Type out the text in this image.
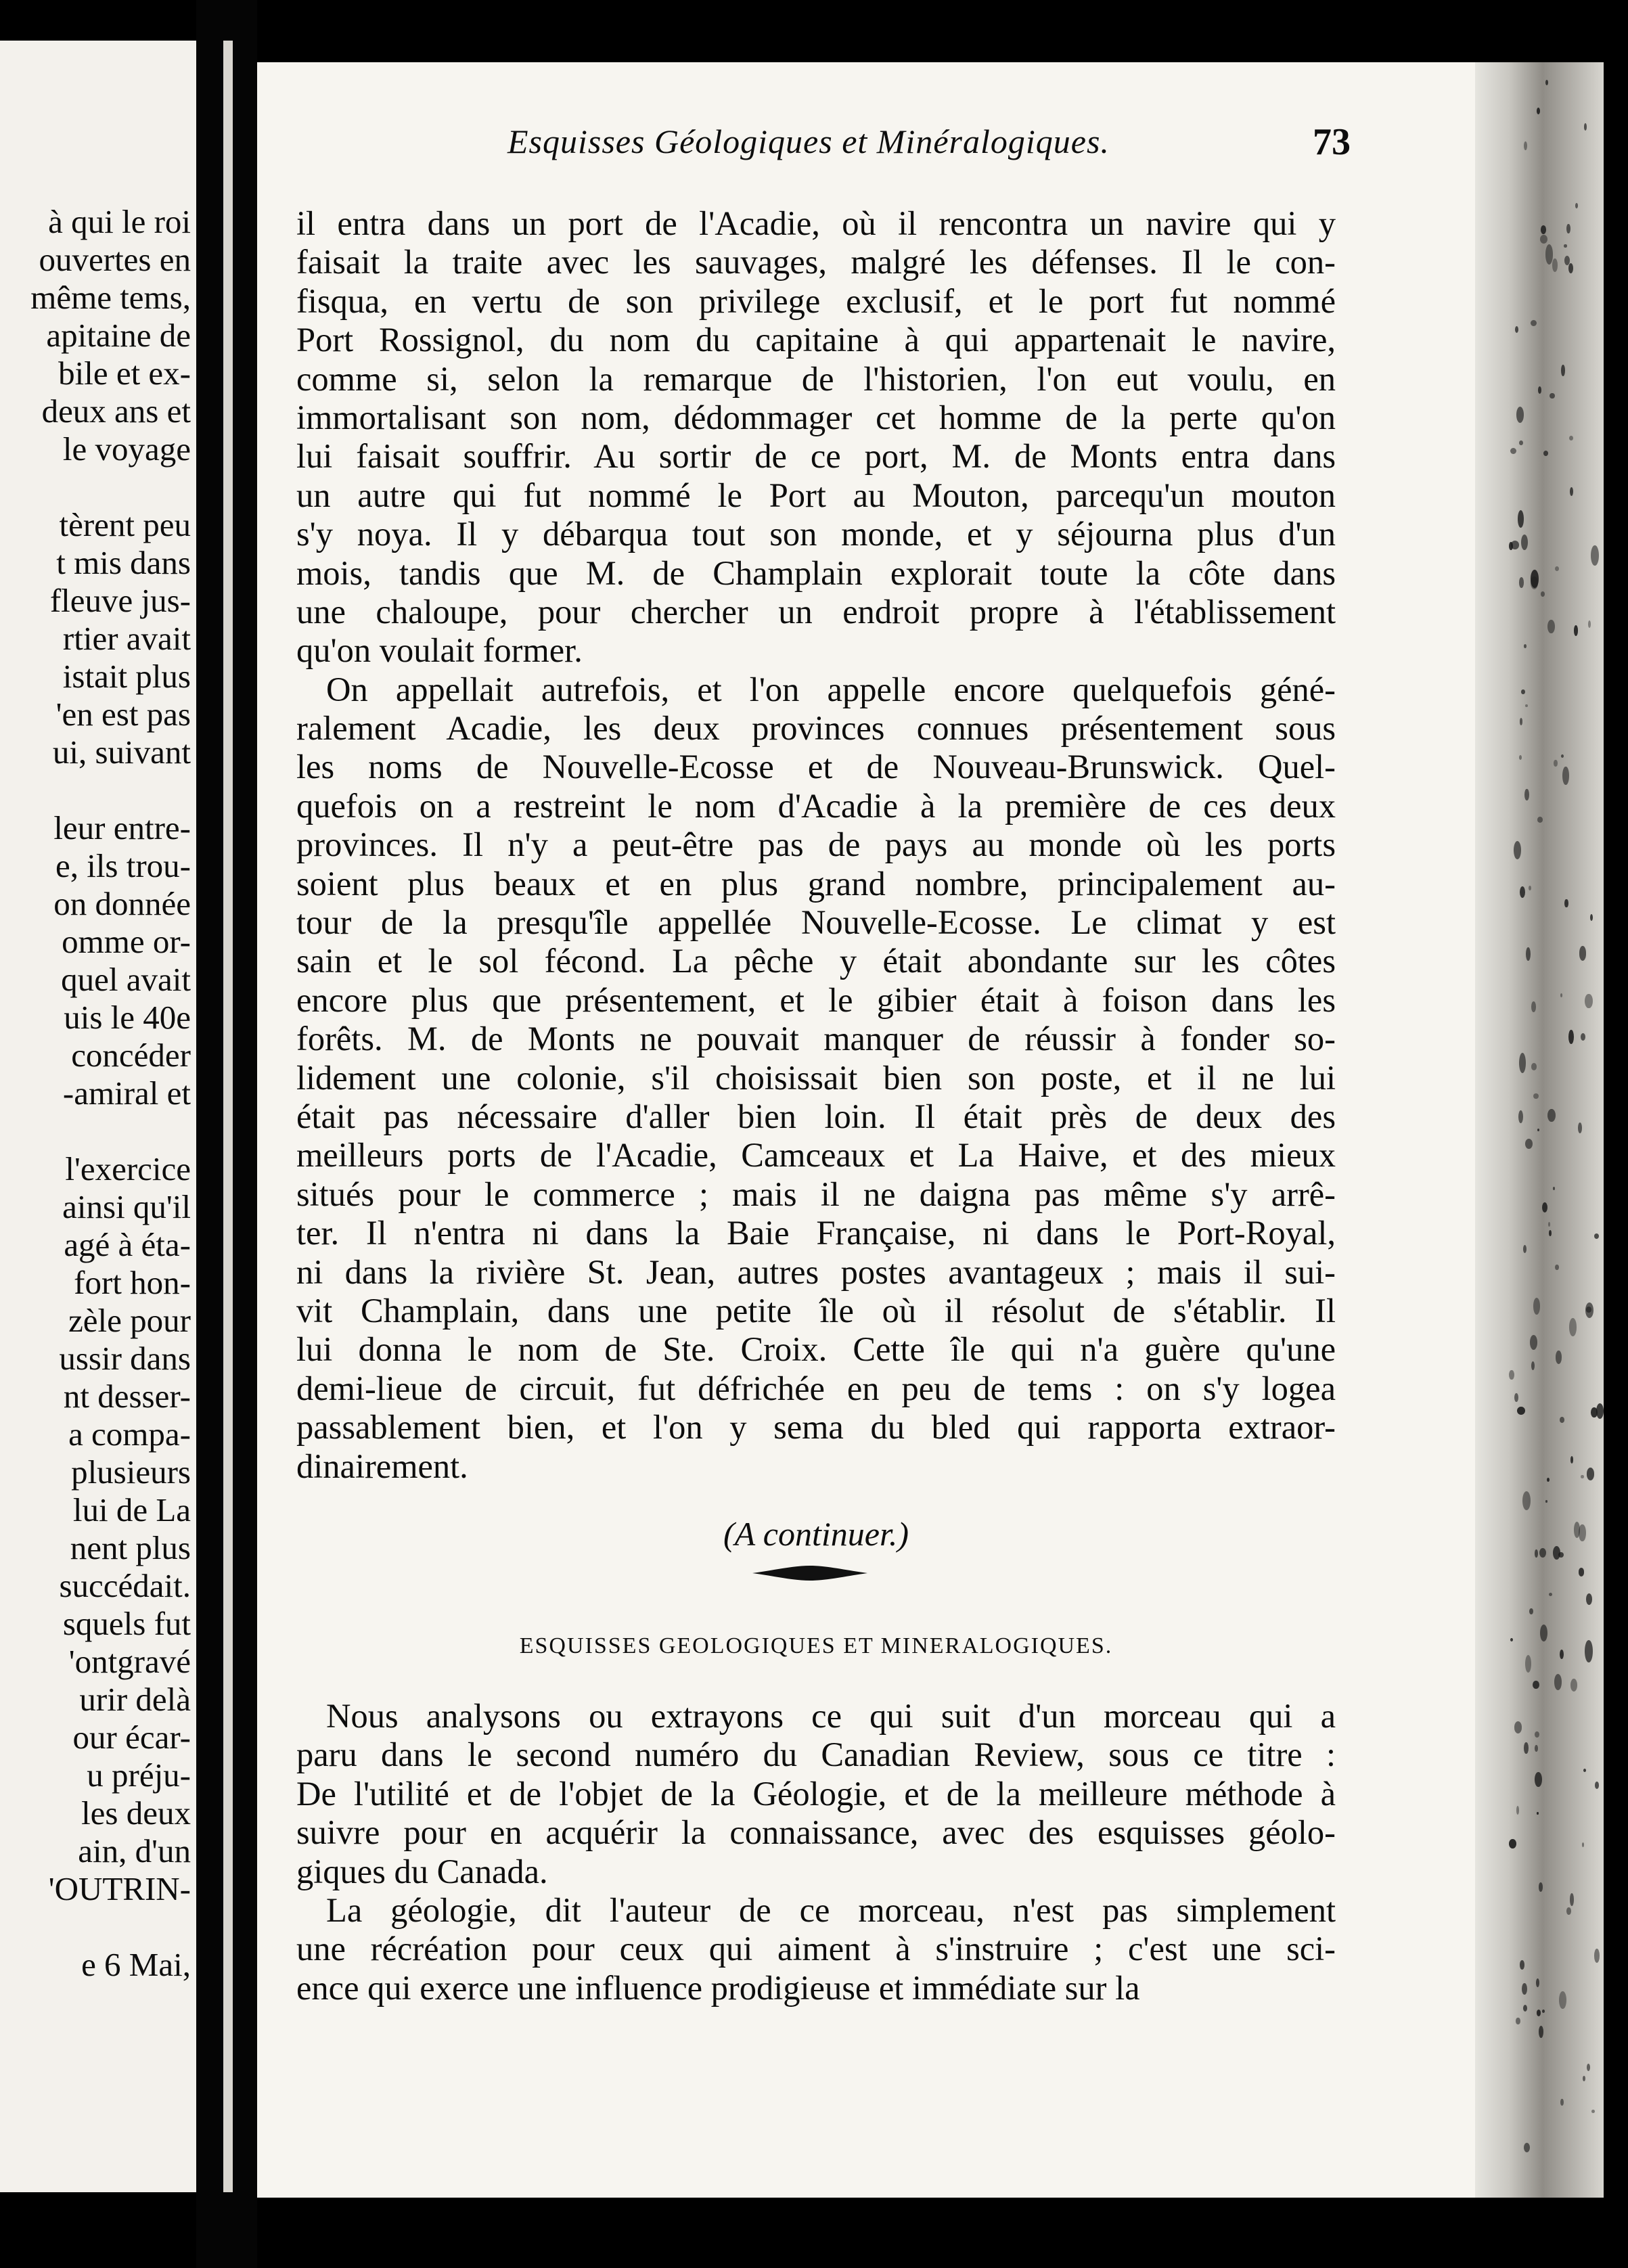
à qui le roi
ouvertes en
même tems,
apitaine de
bile et ex-
deux ans et
le voyage
tèrent peu
t mis dans
fleuve jus-
rtier avait
istait plus
'en est pas
ui, suivant
leur entre-
e, ils trou-
on donnée
omme or-
quel avait
uis le 40e
concéder
-amiral et
l'exercice
ainsi qu'il
agé à éta-
fort hon-
zèle pour
ussir dans
nt desser-
a compa-
plusieurs
lui de La
nent plus
succédait.
squels fut
'ontgravé
urir delà
our écar-
u préju-
les deux
ain, d'un
'OUTRIN-
e 6 Mai,
Esquisses Géologiques et Minéralogiques.	73
il entra dans un port de l'Acadie, où il rencontra un navire qui y
faisait la traite avec les sauvages, malgré les défenses. Il le con-
fisqua, en vertu de son privilege exclusif, et le port fut nommé
Port Rossignol, du nom du capitaine à qui appartenait le navire,
comme si, selon la remarque de l'historien, l'on eut voulu, en
immortalisant son nom, dédommager cet homme de la perte qu'on
lui faisait souffrir. Au sortir de ce port, M. de Monts entra dans
un autre qui fut nommé le Port au Mouton, parcequ'un mouton
s'y noya. Il y débarqua tout son monde, et y séjourna plus d'un
mois, tandis que M. de Champlain explorait toute la côte dans
une chaloupe, pour chercher un endroit propre à l'établissement
qu'on voulait former.
On appellait autrefois, et l'on appelle encore quelquefois géné-
ralement Acadie, les deux provinces connues présentement sous
les noms de Nouvelle-Ecosse et de Nouveau-Brunswick. Quel-
quefois on a restreint le nom d'Acadie à la première de ces deux
provinces. Il n'y a peut-être pas de pays au monde où les ports
soient plus beaux et en plus grand nombre, principalement au-
tour de la presqu'île appellée Nouvelle-Ecosse. Le climat y est
sain et le sol fécond. La pêche y était abondante sur les côtes
encore plus que présentement, et le gibier était à foison dans les
forêts. M. de Monts ne pouvait manquer de réussir à fonder so-
lidement une colonie, s'il choisissait bien son poste, et il ne lui
était pas nécessaire d'aller bien loin. Il était près de deux des
meilleurs ports de l'Acadie, Camceaux et La Haive, et des mieux
situés pour le commerce ; mais il ne daigna pas même s'y arrê-
ter. Il n'entra ni dans la Baie Française, ni dans le Port-Royal,
ni dans la rivière St. Jean, autres postes avantageux ; mais il sui-
vit Champlain, dans une petite île où il résolut de s'établir. Il
lui donna le nom de Ste. Croix. Cette île qui n'a guère qu'une
demi-lieue de circuit, fut défrichée en peu de tems : on s'y logea
passablement bien, et l'on y sema du bled qui rapporta extraor-
dinairement.
(A continuer.)
ESQUISSES GEOLOGIQUES ET MINERALOGIQUES.
Nous analysons ou extrayons ce qui suit d'un morceau qui a
paru dans le second numéro du Canadian Review, sous ce titre :
De l'utilité et de l'objet de la Géologie, et de la meilleure méthode à
suivre pour en acquérir la connaissance, avec des esquisses géolo-
giques du Canada.
La géologie, dit l'auteur de ce morceau, n'est pas simplement
une récréation pour ceux qui aiment à s'instruire ; c'est une sci-
ence qui exerce une influence prodigieuse et immédiate sur la
